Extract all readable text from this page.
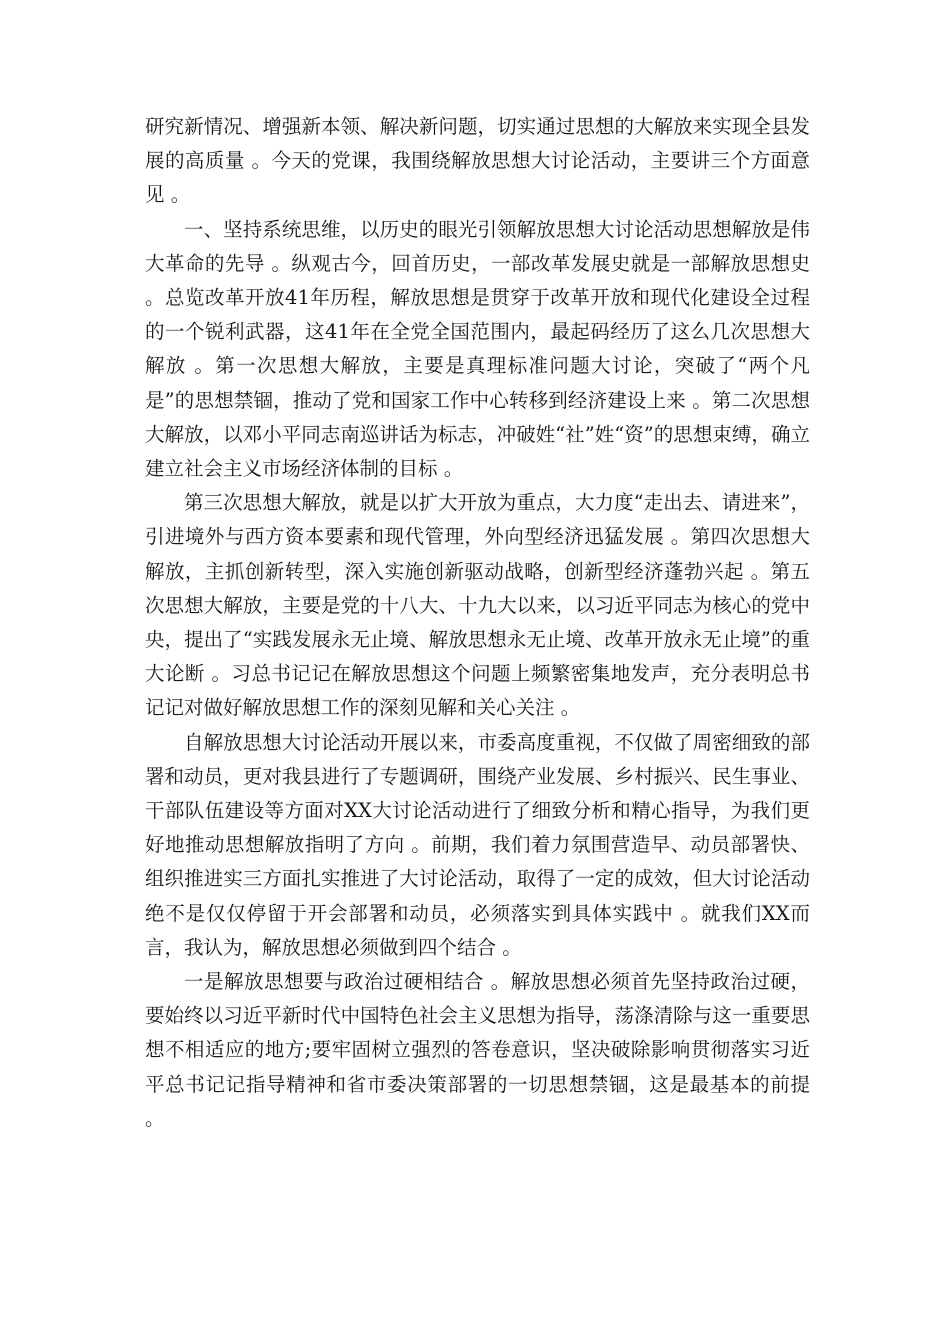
研究新情况、增强新本领、解决新问题，切实通过思想的大解放来实现全县发展的高质量 。今天的党课，我围绕解放思想大讨论活动，主要讲三个方面意见 。

一、坚持系统思维，以历史的眼光引领解放思想大讨论活动思想解放是伟大革命的先导 。纵观古今，回首历史，一部改革发展史就是一部解放思想史 。总览改革开放41年历程，解放思想是贯穿于改革开放和现代化建设全过程的一个锐利武器，这41年在全党全国范围内，最起码经历了这么几次思想大解放 。第一次思想大解放，主要是真理标准问题大讨论，突破了“两个凡是”的思想禁锢，推动了党和国家工作中心转移到经济建设上来 。第二次思想大解放，以邓小平同志南巡讲话为标志，冲破姓“社”姓“资”的思想束缚，确立建立社会主义市场经济体制的目标 。

第三次思想大解放，就是以扩大开放为重点，大力度“走出去、请进来”，引进境外与西方资本要素和现代管理，外向型经济迅猛发展 。第四次思想大解放，主抓创新转型，深入实施创新驱动战略，创新型经济蓬勃兴起 。第五次思想大解放，主要是党的十八大、十九大以来，以习近平同志为核心的党中央，提出了“实践发展永无止境、解放思想永无止境、改革开放永无止境”的重大论断 。习总书记记在解放思想这个问题上频繁密集地发声，充分表明总书记记对做好解放思想工作的深刻见解和关心关注 。

自解放思想大讨论活动开展以来，市委高度重视，不仅做了周密细致的部署和动员，更对我县进行了专题调研，围绕产业发展、乡村振兴、民生事业、干部队伍建设等方面对XX大讨论活动进行了细致分析和精心指导，为我们更好地推动思想解放指明了方向 。前期，我们着力氛围营造早、动员部署快、组织推进实三方面扎实推进了大讨论活动，取得了一定的成效，但大讨论活动绝不是仅仅停留于开会部署和动员，必须落实到具体实践中 。就我们XX而言，我认为，解放思想必须做到四个结合 。

一是解放思想要与政治过硬相结合 。解放思想必须首先坚持政治过硬，要始终以习近平新时代中国特色社会主义思想为指导，荡涤清除与这一重要思想不相适应的地方;要牢固树立强烈的答卷意识，坚决破除影响贯彻落实习近平总书记记指导精神和省市委决策部署的一切思想禁锢，这是最基本的前提 。
